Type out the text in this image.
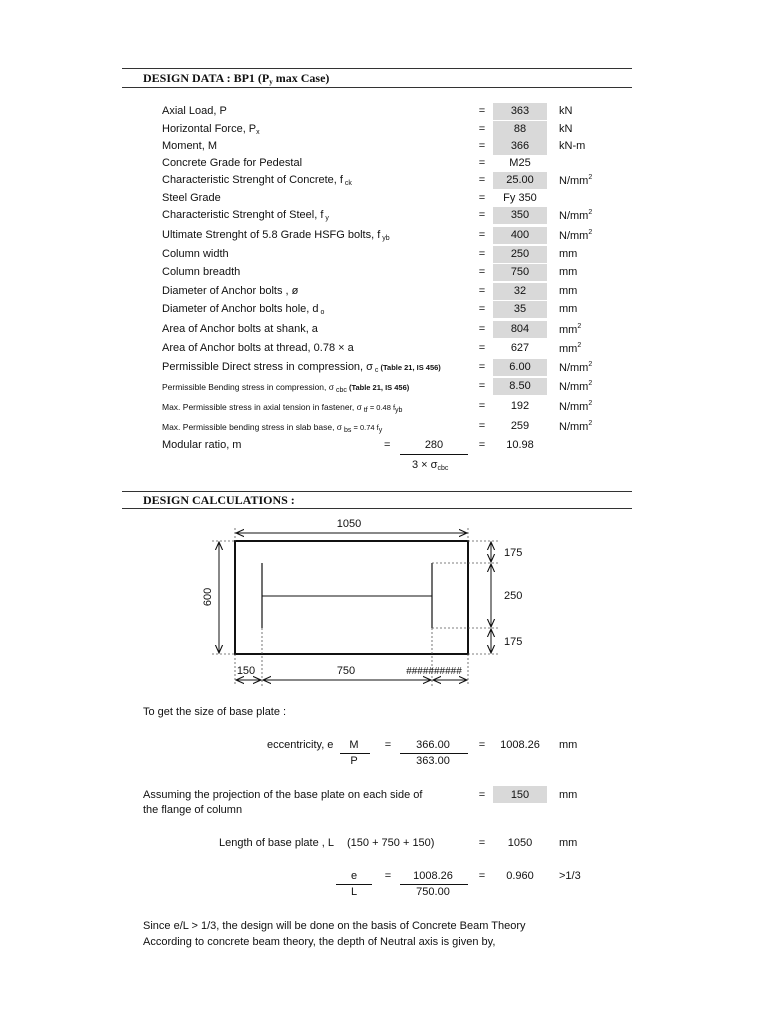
DESIGN DATA : BP1 ($P_y$ max Case)
Axial Load, P	=	363	kN
Horizontal Force, $P_x$	=	88	kN
Moment, M	=	366	kN-m
Concrete Grade for Pedestal	=	M25
Characteristic Strenght of Concrete, f $_{ck}$	=	25.00	$N/mm^2$
Steel Grade	=	Fy 350
Characteristic Strenght of Steel, f $_y$	=	350	$N/mm^2$
Ultimate Strenght of 5.8 Grade HSFG bolts, f $_{yb}$	=	400	$N/mm^2$
Column width	=	250	mm
Column breadth	=	750	mm
Diameter of Anchor bolts , ø	=	32	mm
Diameter of Anchor bolts hole, d $_o$	=	35	mm
Area of Anchor bolts at shank, a	=	804	$mm^2$
Area of Anchor bolts at thread, 0.78 × a	=	627	$mm^2$
Permissible Direct stress in compression, σ $_c$ (Table 21, IS 456)	=	6.00	$N/mm^2$
Permissible Bending stress in compression, σ $_{cbc}$ (Table 21, IS 456)	=	8.50	$N/mm^2$
Max. Permissible stress in axial tension in fastener, σ $_{tf}$ = 0.48 $f_{yb}$	=	192	$N/mm^2$
Max. Permissible bending stress in slab base, σ $_{bs}$ = 0.74 $f_y$	=	259	$N/mm^2$
Modular ratio, m	=	280
$3 \times \sigma_{cbc}$
=	10.98
DESIGN CALCULATIONS :
1050
600
175
250
175
150	750	##########
To get the size of base plate :
eccentricity, e	M
P
=	366.00
363.00
=	1008.26	mm
Assuming the projection of the base plate on each side of
the flange of column
=	150	mm
Length of base plate , L (150 + 750 + 150)	=	1050	mm
e
L
=	1008.26
750.00
=	0.960	>1/3
Since e/L > 1/3, the design will be done on the basis of Concrete Beam Theory
According to concrete beam theory, the depth of Neutral axis is given by,
